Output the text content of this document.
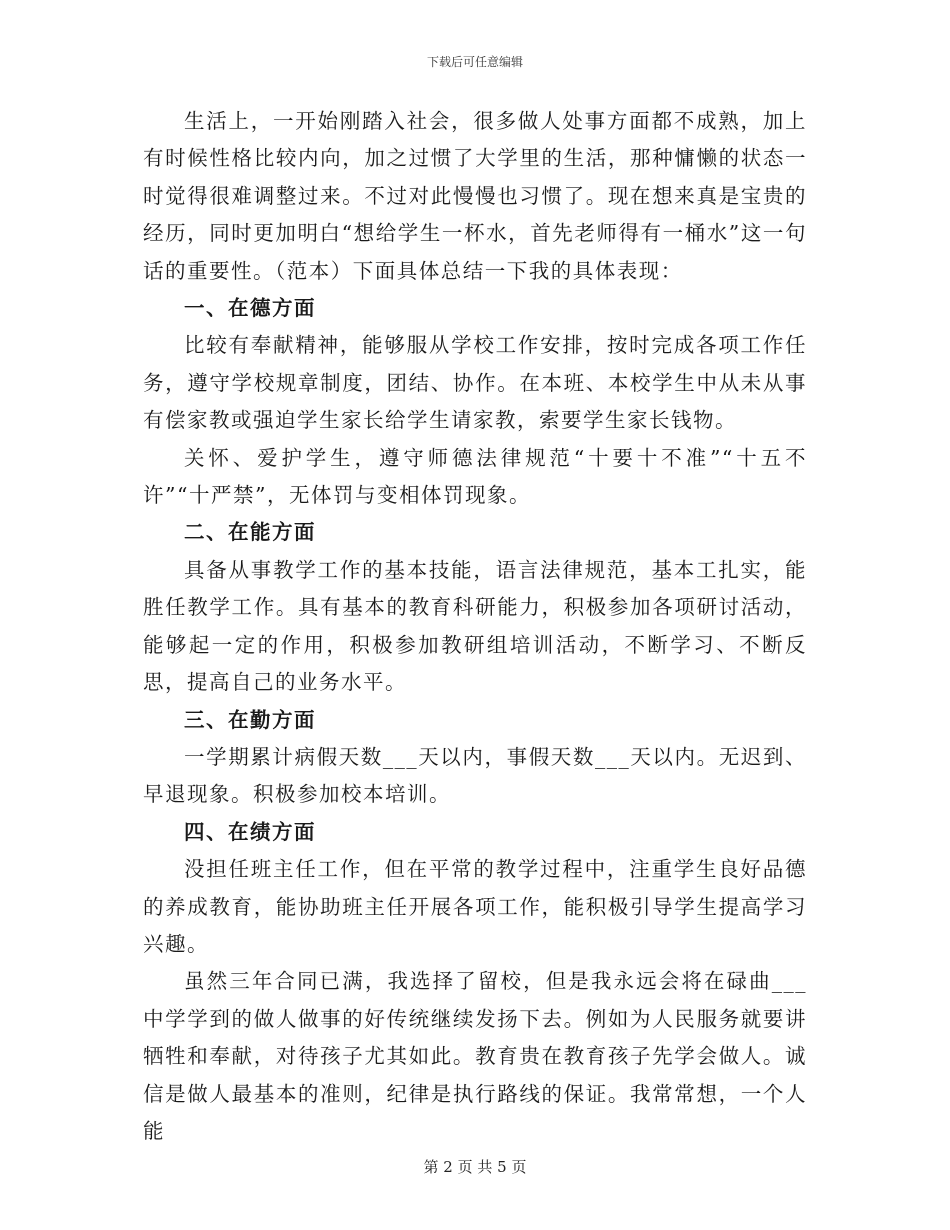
下载后可任意编辑

生活上，一开始刚踏入社会，很多做人处事方面都不成熟，加上有时候性格比较内向，加之过惯了大学里的生活，那种慵懒的状态一时觉得很难调整过来。不过对此慢慢也习惯了。现在想来真是宝贵的经历，同时更加明白“想给学生一杯水，首先老师得有一桶水”这一句话的重要性。（范本）下面具体总结一下我的具体表现：

一、在德方面

比较有奉献精神，能够服从学校工作安排，按时完成各项工作任务，遵守学校规章制度，团结、协作。在本班、本校学生中从未从事有偿家教或强迫学生家长给学生请家教，索要学生家长钱物。

关怀、爱护学生，遵守师德法律规范“十要十不准”“十五不许”“十严禁”，无体罚与变相体罚现象。

二、在能方面

具备从事教学工作的基本技能，语言法律规范，基本工扎实，能胜任教学工作。具有基本的教育科研能力，积极参加各项研讨活动，能够起一定的作用，积极参加教研组培训活动，不断学习、不断反思，提高自己的业务水平。

三、在勤方面

一学期累计病假天数___天以内，事假天数___天以内。无迟到、早退现象。积极参加校本培训。

四、在绩方面

没担任班主任工作，但在平常的教学过程中，注重学生良好品德的养成教育，能协助班主任开展各项工作，能积极引导学生提高学习兴趣。

虽然三年合同已满，我选择了留校，但是我永远会将在碌曲___中学学到的做人做事的好传统继续发扬下去。例如为人民服务就要讲牺牲和奉献，对待孩子尤其如此。教育贵在教育孩子先学会做人。诚信是做人最基本的准则，纪律是执行路线的保证。我常常想，一个人能

第 2 页 共 5 页
